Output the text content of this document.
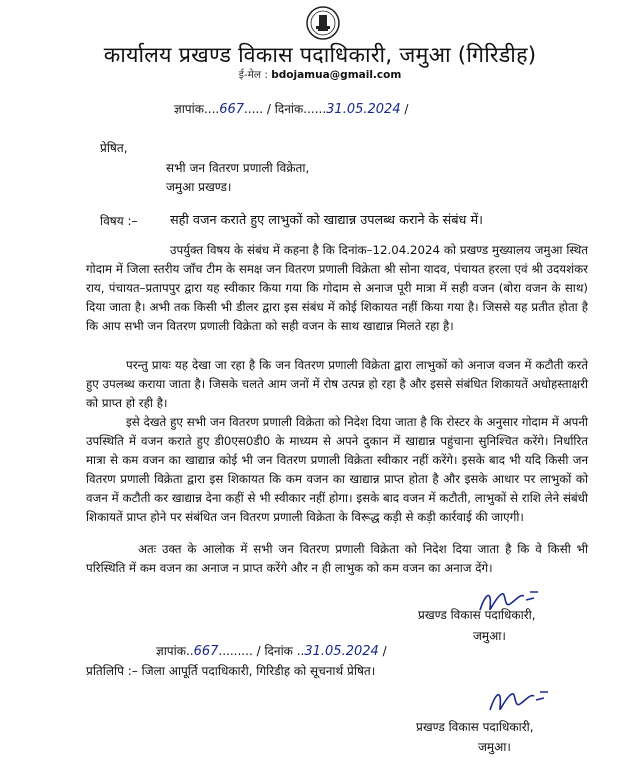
कार्यालय प्रखण्ड विकास पदाधिकारी, जमुआ (गिरिडीह)
ई-मेल : bdojamua@gmail.com
ज्ञापांक....667..... / दिनांक......31.05.2024 /
प्रेषित,
सभी जन वितरण प्रणाली विक्रेता,
जमुआ प्रखण्ड।
विषय :–	सही वजन कराते हुए लाभुकों को खाद्यान्न उपलब्ध कराने के संबंध में।

उपर्युक्त विषय के संबंध में कहना है कि दिनांक–12.04.2024 को प्रखण्ड मुख्यालय जमुआ स्थित गोदाम में जिला स्तरीय जाँच टीम के समक्ष जन वितरण प्रणाली विक्रेता श्री सोना यादव, पंचायत हरला एवं श्री उदयशंकर राय, पंचायत–प्रतापपुर द्वारा यह स्वीकार किया गया कि गोदाम से अनाज पूरी मात्रा में सही वजन (बोरा वजन के साथ) दिया जाता है। अभी तक किसी भी डीलर द्वारा इस संबंध में कोई शिकायत नहीं किया गया है। जिससे यह प्रतीत होता है कि आप सभी जन वितरण प्रणाली विक्रेता को सही वजन के साथ खाद्यान्न मिलते रहा है।

परन्तु प्रायः यह देखा जा रहा है कि जन वितरण प्रणाली विक्रेता द्वारा लाभुकों को अनाज वजन में कटौती करते हुए उपलब्ध कराया जाता है। जिसके चलते आम जनों में रोष उत्पन्न हो रहा है और इससे संबंधित शिकायतें अधोहस्ताक्षरी को प्राप्त हो रही है।

इसे देखते हुए सभी जन वितरण प्रणाली विक्रेता को निदेश दिया जाता है कि रोस्टर के अनुसार गोदाम में अपनी उपस्थिति में वजन कराते हुए डी0एस0डी0 के माध्यम से अपने दुकान में खाद्यान्न पहुंचाना सुनिश्चित करेंगे। निर्धारित मात्रा से कम वजन का खाद्यान्न कोई भी जन वितरण प्रणाली विक्रेता स्वीकार नहीं करेंगे। इसके बाद भी यदि किसी जन वितरण प्रणाली विक्रेता द्वारा इस शिकायत कि कम वजन का खाद्यान्न प्राप्त होता है और इसके आधार पर लाभुकों को वजन में कटौती कर खाद्यान्न देना कहीं से भी स्वीकार नहीं होगा। इसके बाद वजन में कटौती, लाभुकों से राशि लेने संबंधी शिकायतें प्राप्त होने पर संबंधित जन वितरण प्रणाली विक्रेता के विरूद्ध कड़ी से कड़ी कार्रवाई की जाएगी।

अतः उक्त के आलोक में सभी जन वितरण प्रणाली विक्रेता को निदेश दिया जाता है कि वे किसी भी परिस्थिति में कम वजन का अनाज न प्राप्त करेंगे और न ही लाभुक को कम वजन का अनाज देंगे।

प्रखण्ड विकास पदाधिकारी,
जमुआ।
ज्ञापांक..667......... / दिनांक ..31.05.2024 /
प्रतिलिपि :– जिला आपूर्ति पदाधिकारी, गिरिडीह को सूचनार्थ प्रेषित।
प्रखण्ड विकास पदाधिकारी,
जमुआ।
